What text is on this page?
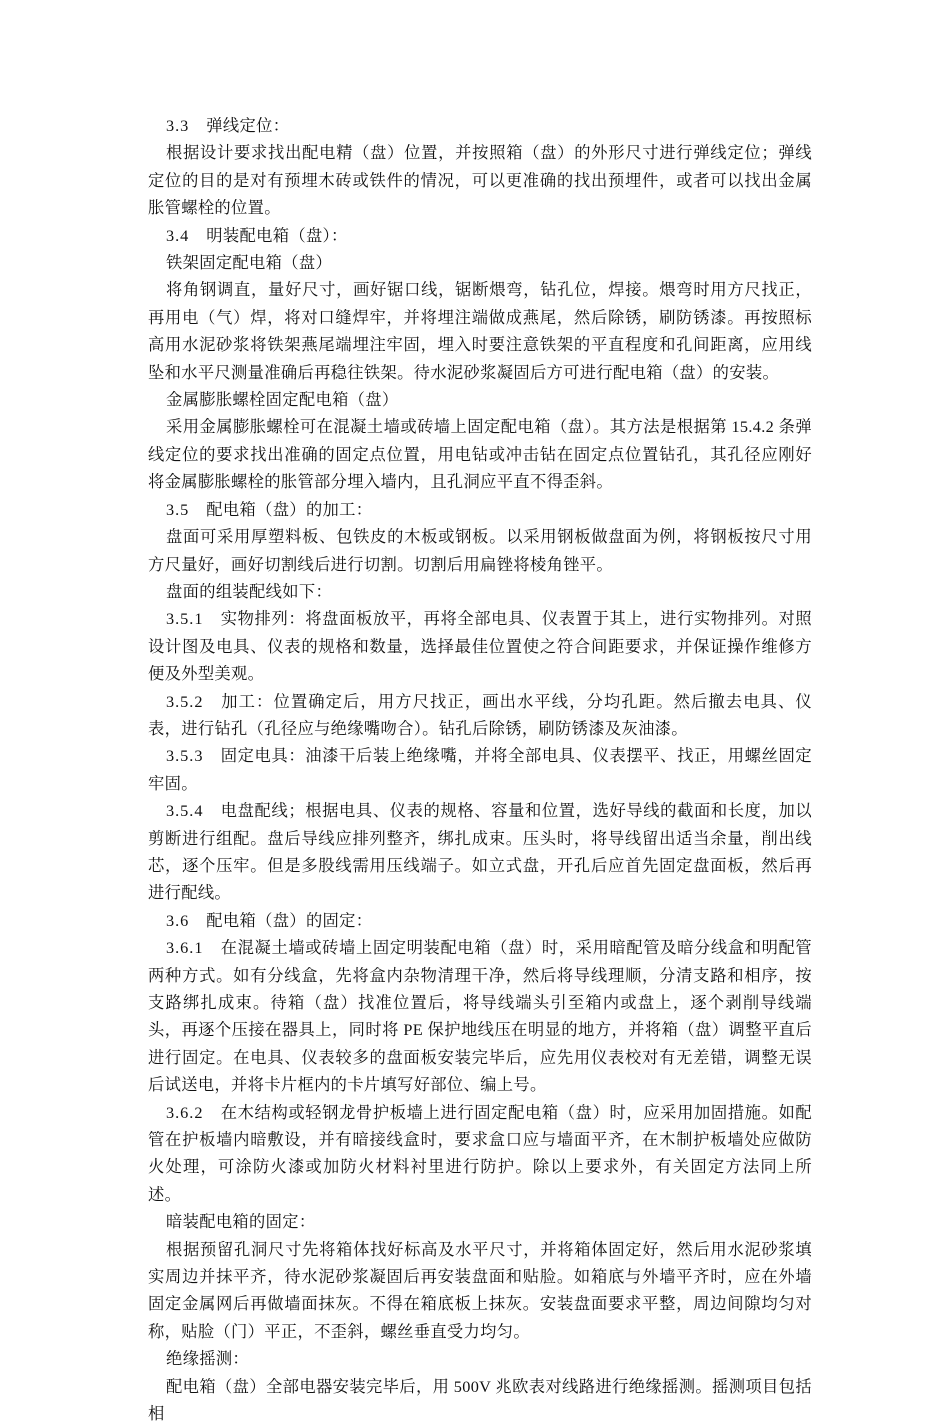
3.3 弹线定位：

根据设计要求找出配电精（盘）位置，并按照箱（盘）的外形尺寸进行弹线定位；弹线定位的目的是对有预埋木砖或铁件的情况，可以更准确的找出预埋件，或者可以找出金属胀管螺栓的位置。

3.4 明装配电箱（盘）：

铁架固定配电箱（盘）

将角钢调直，量好尺寸，画好锯口线，锯断煨弯，钻孔位，焊接。煨弯时用方尺找正，再用电（气）焊，将对口缝焊牢，并将埋注端做成燕尾，然后除锈，刷防锈漆。再按照标高用水泥砂浆将铁架燕尾端埋注牢固，埋入时要注意铁架的平直程度和孔间距离，应用线坠和水平尺测量准确后再稳往铁架。待水泥砂浆凝固后方可进行配电箱（盘）的安装。

金属膨胀螺栓固定配电箱（盘）

采用金属膨胀螺栓可在混凝土墙或砖墙上固定配电箱（盘）。其方法是根据第 15.4.2 条弹线定位的要求找出准确的固定点位置，用电钻或冲击钻在固定点位置钻孔，其孔径应刚好将金属膨胀螺栓的胀管部分埋入墙内，且孔洞应平直不得歪斜。

3.5 配电箱（盘）的加工：

盘面可采用厚塑料板、包铁皮的木板或钢板。以采用钢板做盘面为例，将钢板按尺寸用方尺量好，画好切割线后进行切割。切割后用扁锉将棱角锉平。

盘面的组装配线如下：

3.5.1 实物排列：将盘面板放平，再将全部电具、仪表置于其上，进行实物排列。对照设计图及电具、仪表的规格和数量，选择最佳位置使之符合间距要求，并保证操作维修方便及外型美观。

3.5.2 加工：位置确定后，用方尺找正，画出水平线，分均孔距。然后撤去电具、仪表，进行钻孔（孔径应与绝缘嘴吻合）。钻孔后除锈，刷防锈漆及灰油漆。

3.5.3 固定电具：油漆干后装上绝缘嘴，并将全部电具、仪表摆平、找正，用螺丝固定牢固。

3.5.4 电盘配线；根据电具、仪表的规格、容量和位置，选好导线的截面和长度，加以剪断进行组配。盘后导线应排列整齐，绑扎成束。压头时，将导线留出适当余量，削出线芯，逐个压牢。但是多股线需用压线端子。如立式盘，开孔后应首先固定盘面板，然后再进行配线。

3.6 配电箱（盘）的固定：

3.6.1 在混凝土墙或砖墙上固定明装配电箱（盘）时，采用暗配管及暗分线盒和明配管两种方式。如有分线盒，先将盒内杂物清理干净，然后将导线理顺，分清支路和相序，按支路绑扎成束。待箱（盘）找准位置后，将导线端头引至箱内或盘上，逐个剥削导线端头，再逐个压接在器具上，同时将 PE 保护地线压在明显的地方，并将箱（盘）调整平直后进行固定。在电具、仪表较多的盘面板安装完毕后，应先用仪表校对有无差错，调整无误后试送电，并将卡片框内的卡片填写好部位、编上号。

3.6.2 在木结构或轻钢龙骨护板墙上进行固定配电箱（盘）时，应采用加固措施。如配管在护板墙内暗敷设，并有暗接线盒时，要求盒口应与墙面平齐，在木制护板墙处应做防火处理，可涂防火漆或加防火材料衬里进行防护。除以上要求外，有关固定方法同上所述。

暗装配电箱的固定：

根据预留孔洞尺寸先将箱体找好标高及水平尺寸，并将箱体固定好，然后用水泥砂浆填实周边并抹平齐，待水泥砂浆凝固后再安装盘面和贴脸。如箱底与外墙平齐时，应在外墙固定金属网后再做墙面抹灰。不得在箱底板上抹灰。安装盘面要求平整，周边间隙均匀对称，贴脸（门）平正，不歪斜，螺丝垂直受力均匀。

绝缘摇测：

配电箱（盘）全部电器安装完毕后，用 500V 兆欧表对线路进行绝缘摇测。摇测项目包括相
